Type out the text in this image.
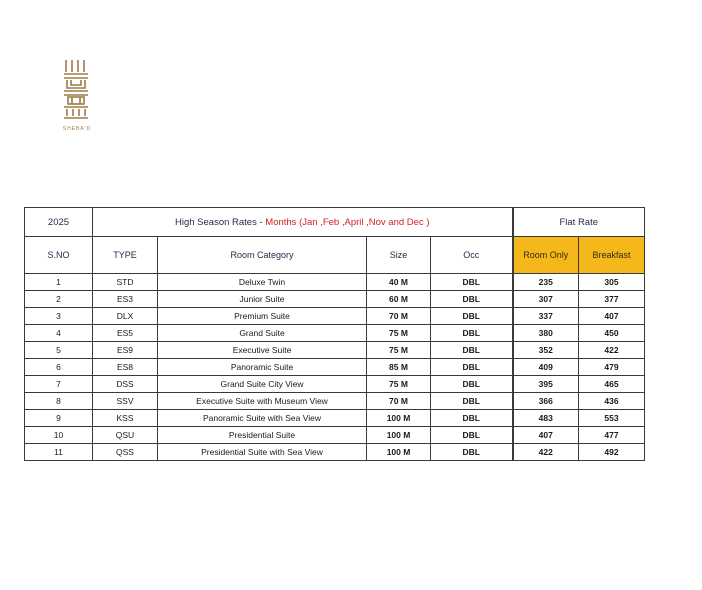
SHEBA'D
2025	High Season Rates - Months (Jan ,Feb ,April ,Nov and Dec )				Flat Rate	
S.NO	TYPE	Room Category	Size	Occ	Room Only	Breakfast
1	STD	Deluxe Twin	40 M	DBL	235	305
2	ES3	Junior Suite	60 M	DBL	307	377
3	DLX	Premium Suite	70 M	DBL	337	407
4	ES5	Grand Suite	75 M	DBL	380	450
5	ES9	Executive Suite	75 M	DBL	352	422
6	ES8	Panoramic Suite	85 M	DBL	409	479
7	DSS	Grand Suite City View	75 M	DBL	395	465
8	SSV	Executive Suite with Museum View	70 M	DBL	366	436
9	KSS	Panoramic Suite with Sea View	100 M	DBL	483	553
10	QSU	Presidential Suite	100 M	DBL	407	477
11	QSS	Presidential Suite with Sea View	100 M	DBL	422	492
